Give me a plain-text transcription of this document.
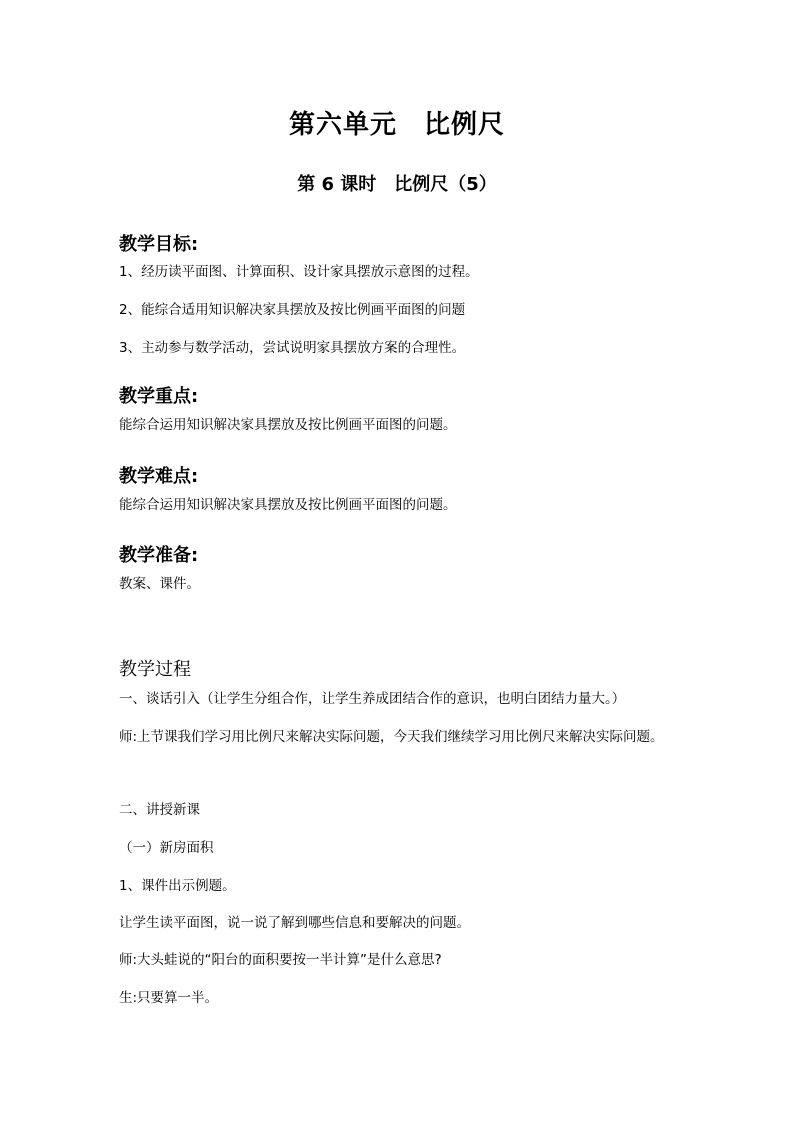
第六单元　比例尺
第 6 课时　比例尺（5）
教学目标:
1、经历读平面图、计算面积、设计家具摆放示意图的过程。
2、能综合适用知识解决家具摆放及按比例画平面图的问题
3、主动参与数学活动，尝试说明家具摆放方案的合理性。
教学重点:
能综合运用知识解决家具摆放及按比例画平面图的问题。
教学难点:
能综合运用知识解决家具摆放及按比例画平面图的问题。
教学准备:
教案、课件。
教学过程
一、谈话引入（让学生分组合作，让学生养成团结合作的意识，也明白团结力量大。）
师:上节课我们学习用比例尺来解决实际问题，今天我们继续学习用比例尺来解决实际问题。
二、讲授新课
（一）新房面积
1、课件出示例题。
让学生读平面图，说一说了解到哪些信息和要解决的问题。
师:大头蛙说的“阳台的面积要按一半计算”是什么意思?
生:只要算一半。
